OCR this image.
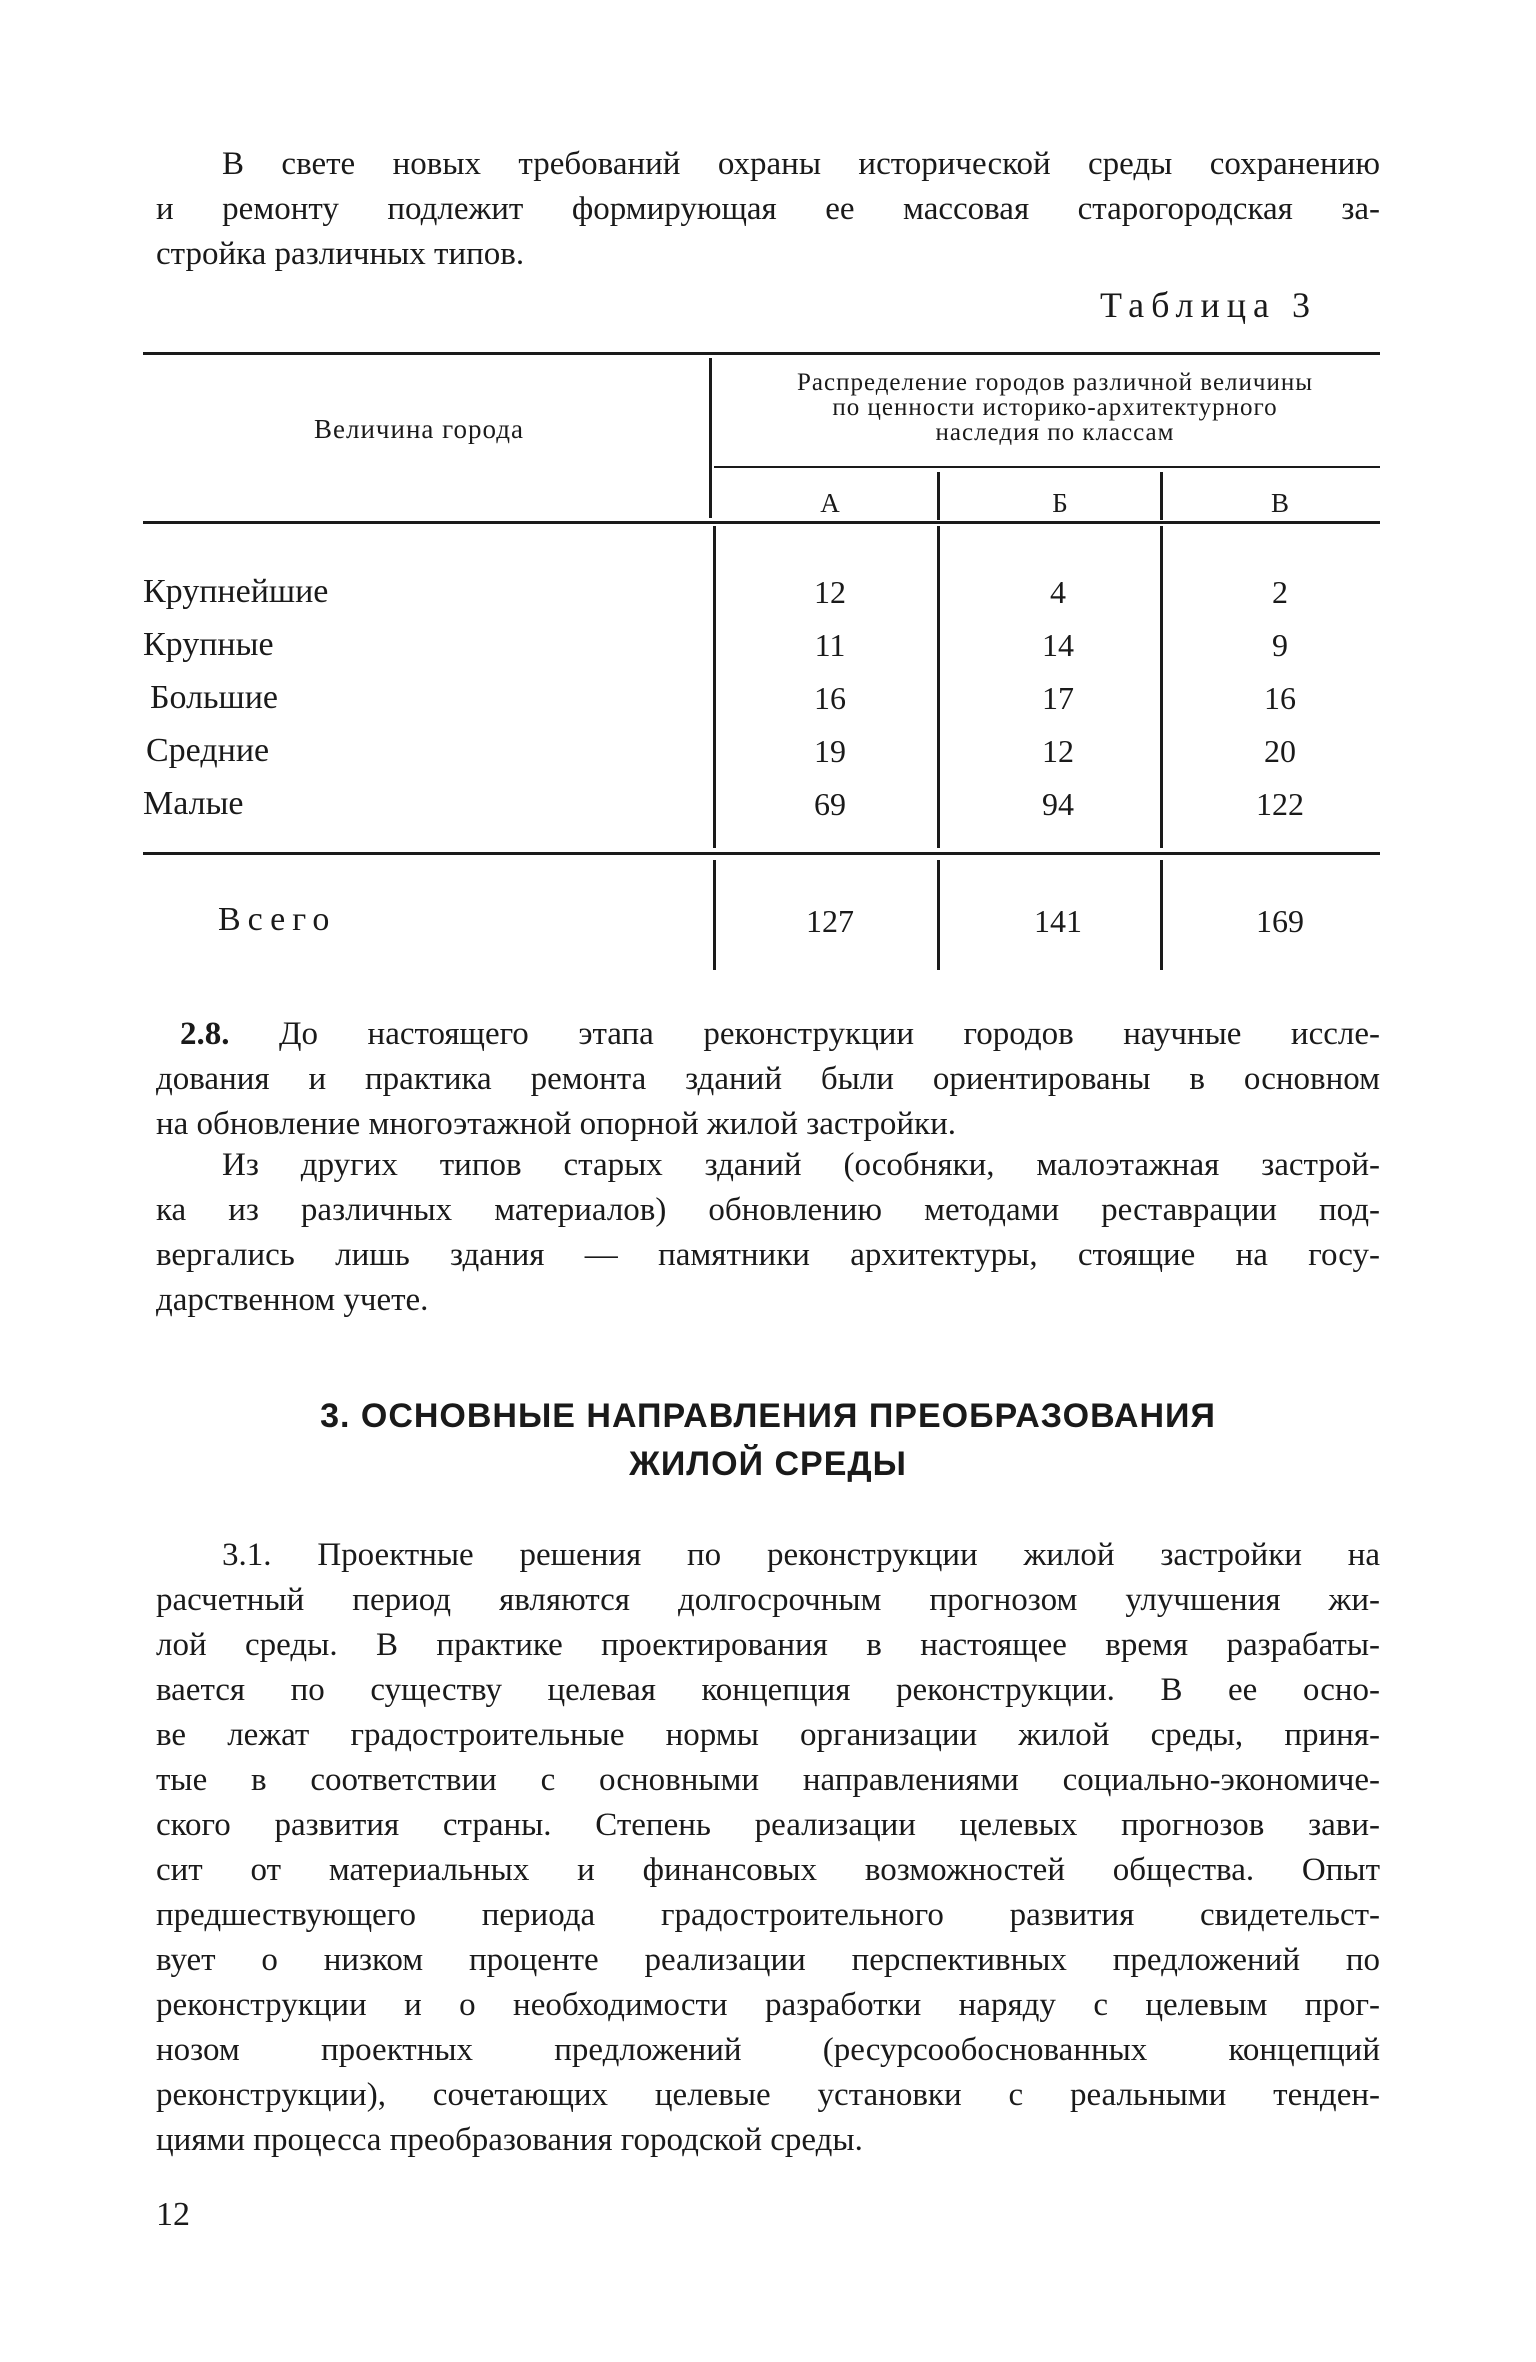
В свете новых требований охраны исторической среды сохранению
и ремонту подлежит формирующая ее массовая старогородская за-
стройка различных типов.

Таблица 3
Величина города
Распределение городов различной величины
по ценности историко-архитектурного
наследия по классам
А	Б	В
Крупнейшие	12	4	2
Крупные	11	14	9
Большие	16	17	16
Средние	19	12	20
Малые	69	94	122
Всего	127	141	169

2.8. До настоящего этапа реконструкции городов научные иссле-
дования и практика ремонта зданий были ориентированы в основном
на обновление многоэтажной опорной жилой застройки.

Из других типов старых зданий (особняки, малоэтажная застрой-
ка из различных материалов) обновлению методами реставрации под-
вергались лишь здания — памятники архитектуры, стоящие на госу-
дарственном учете.

3. ОСНОВНЫЕ НАПРАВЛЕНИЯ ПРЕОБРАЗОВАНИЯ
ЖИЛОЙ СРЕДЫ

3.1. Проектные решения по реконструкции жилой застройки на
расчетный период являются долгосрочным прогнозом улучшения жи-
лой среды. В практике проектирования в настоящее время разрабаты-
вается по существу целевая концепция реконструкции. В ее осно-
ве лежат градостроительные нормы организации жилой среды, приня-
тые в соответствии с основными направлениями социально-экономиче-
ского развития страны. Степень реализации целевых прогнозов зави-
сит от материальных и финансовых возможностей общества. Опыт
предшествующего периода градостроительного развития свидетельст-
вует о низком проценте реализации перспективных предложений по
реконструкции и о необходимости разработки наряду с целевым прог-
нозом проектных предложений (ресурсообоснованных концепций
реконструкции), сочетающих целевые установки с реальными тенден-
циями процесса преобразования городской среды.

12
